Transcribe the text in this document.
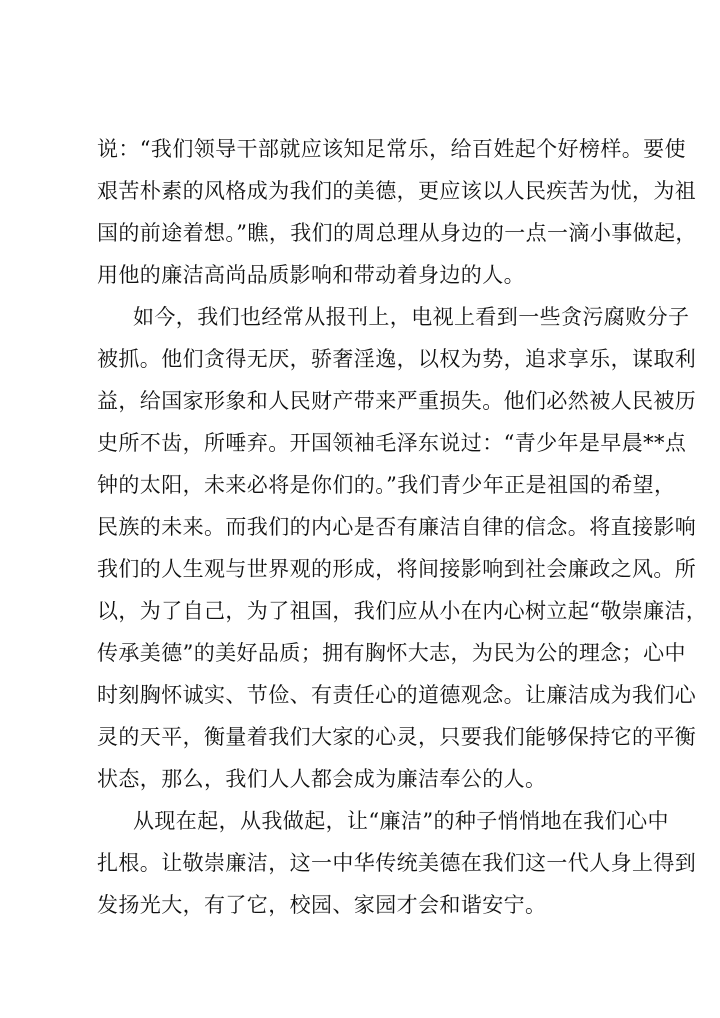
说：“我们领导干部就应该知足常乐，给百姓起个好榜样。要使
艰苦朴素的风格成为我们的美德，更应该以人民疾苦为忧，为祖
国的前途着想。”瞧，我们的周总理从身边的一点一滴小事做起，
用他的廉洁高尚品质影响和带动着身边的人。
如今，我们也经常从报刊上，电视上看到一些贪污腐败分子
被抓。他们贪得无厌，骄奢淫逸，以权为势，追求享乐，谋取利
益，给国家形象和人民财产带来严重损失。他们必然被人民被历
史所不齿，所唾弃。开国领袖毛泽东说过：“青少年是早晨**点
钟的太阳，未来必将是你们的。”我们青少年正是祖国的希望，
民族的未来。而我们的内心是否有廉洁自律的信念。将直接影响
我们的人生观与世界观的形成，将间接影响到社会廉政之风。所
以，为了自己，为了祖国，我们应从小在内心树立起“敬崇廉洁，
传承美德”的美好品质；拥有胸怀大志，为民为公的理念；心中
时刻胸怀诚实、节俭、有责任心的道德观念。让廉洁成为我们心
灵的天平，衡量着我们大家的心灵，只要我们能够保持它的平衡
状态，那么，我们人人都会成为廉洁奉公的人。
从现在起，从我做起，让“廉洁”的种子悄悄地在我们心中
扎根。让敬崇廉洁，这一中华传统美德在我们这一代人身上得到
发扬光大，有了它，校园、家园才会和谐安宁。
